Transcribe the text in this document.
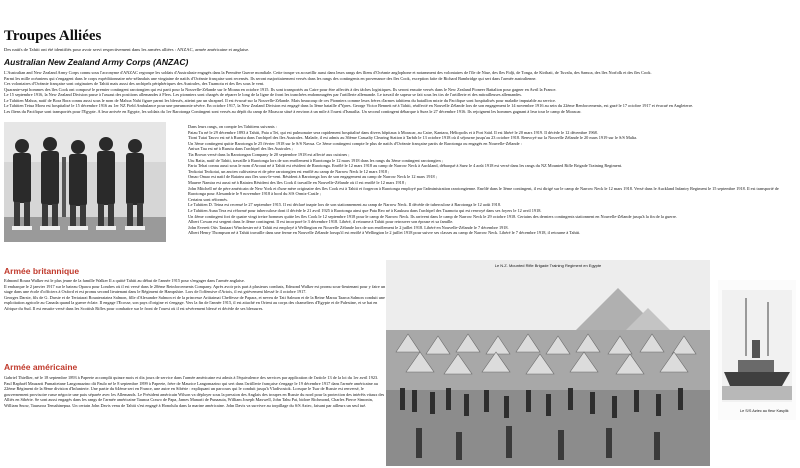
Troupes Alliées
Des natifs de Tahiti ont été identifiés pour avoir servi respectivement dans les armées alliées : ANZAC, armée américaine et anglaise.
Australian New Zealand Army Corps (ANZAC)

L'Australian and New Zealand Army Corps connu sous l'acronyme d'ANZAC regroupe les soldats d'Australasie engagés dans la Première Guerre mondiale. Cette troupe va accueillir aussi dans leurs rangs des îliens d'Océanie anglophone et notamment des volontaires de l'île de Niue, des îles Fidji, de Tonga, de Kiribati, de Tuvalu, des Samoa, des îles Norfolk et des îles Cook.

Parmi les mille océaniens qui s'engagent dans le corps expéditionnaire néo-zélandais une vingtaine de natifs d'Océanie française sont recensés. Ils seront majoritairement versés dans les rangs des contingents en provenance des îles Cook, exception faite de Richard Bambridge qui sert dans l'armée australienne.

Ces volontaires d'Océanie française sont originaires de Tahiti mais aussi des archipels périphériques des Australes, des Tuamotu et des îles sous le vent.

Quarante-sept hommes des îles Cook ont composé le premier contingent rarotongien qui est parti pour la Nouvelle-Zélande sur le Moana en octobre 1915. Ils sont transportés au Caire pour être affectés à des tâches logistiques. Ils seront ensuite versés dans le New Zealand Pioneer Battalion pour gagner en Avril la France.

Le 15 septembre 1916, la New Zealand Division passe à l'assaut des positions allemandes à Flers. Les pionniers sont chargés de réparer le long de la ligne de front les tranchées endommagées par l'artillerie allemande. Le travail de sapeur se fait sous les tirs de l'artillerie et des mitrailleuses allemandes.

Le Tahitien Mahoa, natif de Bora Bora connu aussi sous le nom de Mahoa Nahi figure parmi les blessés, atteint par un shrapnel. Il est évacué sur la Nouvelle-Zélande. Mais beaucoup de ces Pionniers comme leurs frères d'armes tahitiens du bataillon mixte du Pacifique sont hospitalisés pour maladie imputable au service.

Le Tahitien Tetua Moea est hospitalisé le 15 décembre 1916 au 1er NZ Field Ambulance pour une pneumonie sévère. En octobre 1917, la New Zealand Division est engagé dans la 3ème bataille d'Ypres. George Victor Bennett né à Tahiti, réaffecté en Nouvelle Zélande lors de son engagement le 14 novembre 1916 au sein du 22ème Renforcements, est gazé le 17 octobre 1917 et évacué en Angleterre.

Les îliens du Pacifique sont transportés pour l'Egypte. A leur arrivée en Egypte, les soldats du 1er Rarotonga Contingent sont versés au dépôt du camp de Moascar situé à environ à un mile à l'ouest d'Ismailia. Un second contingent débarque à Suez le 27 décembre 1916. Ils rejoignent les hommes gagnant à leur tour le camp de Moascar.

Dans leurs rangs, on compte les Tahitiens suivants :

Paiau Tu né le 29 décembre 1893 à Tahiti, Paia a Teï, qui est pulmonaire sera rapidement hospitalisé dans divers hôpitaux à Moascar, au Caire, Kantara, Héliopolis et à Port Saïd. Il est libéré le 20 mars 1919. Il décède le 12 décembre 1968.

Tioni Tutai Tauvo est né à Rurutu dans l'archipel des îles Australes. Malade, il est admis au 36ème Casualty Clearing Station à Tarbib le 13 octobre 1918 où il séjourne jusqu'au 23 octobre 1918. Renvoyé sur la Nouvelle Zélande le 20 mars 1919 sur le S/S Malta.

Un 3ème contingent quitte Rarotonga le 25 février 1918 sur le S/S Navua. Ce 3ème contingent compte le plus de natifs d'Océanie française partis de Rarotonga ou engagés en Nouvelle-Zélande :

Aniwa Tau est né à Rurutu dans l'archipel des îles Australes ;

Tia Brown versé dans la Rarotongan Company le 20 septembre 1918 est affecté aux cuisines ;

Utu Ratia, natif de Tahiti, travaille à Rarotonga lors de son enrôlement à Rarotonga le 12 mars 1918 dans les rangs du 3ème contingent rarotongien ;

Faria Tehai connu aussi sous le nom d'Aroaui né à Tahiti est résident de Rarotonga. Enrôlé le 12 mars 1918 au camp de Narrow Neck à Auckland, débarqué à Suez le 4 août 1918 est versé dans les rangs du NZ Mounted Rifle Brigade Training Regiment.

Teokotai Teokotai, un ancien cultivateur et de père rarotongien est enrôlé au camp de Narrow Neck le 12 mars 1918 ;

Omao Omao est natif de Raiatea aux îles sous-le-vent. Résident à Rarotonga lors de son engagement au camp de Narrow Neck le 12 mars 1918 ;

Mauere Namira est aussi né à Raiatea Résident des îles Cook il travaille en Nouvelle-Zélande où il est enrôlé le 12 mars 1918 ;

John Mitchell né de père américain de New York et d'une mère originaire des îles Cook est à Tahiti et forgeron à Rarotonga employé par l'administration rarotongienne. Enrôlé dans le 3ème contingent, il est dirigé sur le camp de Narrow Neck le 12 mars 1918. Versé dans le Auckland Infantry Regiment le 15 septembre 1918. Il est transporté de Rarotonga pour Alexandrie le 9 novembre 1918 à bord du S/S Ormiz-Castle ;

Certains sont réformés.

Le Tahitien D. Teina est recensé le 27 septembre 1915. Il est déclaré inapte lors de son stationnement au camp de Narrow Neck. Il décède de tuberculose à Rarotonga le 12 août 1918.

Le Tahitien Auna Tera est réformé pour tuberculose dont il décède le 21 avril 1925 à Rarotonga ainsi que Pata Reo né à Kaukura dans l'archipel des Tuamotu qui est renvoyé dans ses foyers le 12 avril 1918.

Un 4ème contingent fort de quatre vingt treize hommes quitte les îles Cook le 12 septembre 1918 pour le camp de Narrow Neck. Ils arrivent dans le camp de Narrow Neck le 29 octobre 1918. Certains des derniers contingents stationnent en Nouvelle-Zélande jusqu'à la fin de la guerre.

Albert Cowan est sergent dans le 4ème contingent. Il est incorporé le 3 décembre 1918. Libéré, il retourne à Tahiti pour retrouver son épouse et sa famille.

John Everett Otis Tautaari Winchester né à Tahiti est employé à Wellington en Nouvelle Zélande lors de son enrôlement le 2 juillet 1918. Libéré en Nouvelle-Zélande le 7 décembre 1918.

Albert Henry Thompson né à Tahiti travaille dans une ferme en Nouvelle Zélande lorsqu'il est enrôlé à Wellington le 2 juillet 1918 pour suivre ses classes au camp de Narrow Neck. Libéré le 7 décembre 1918, il retourne à Tahiti.

Armée britannique

Edmond Roura Walker est le plus jeune de la famille Walker Il a quitté Tahiti au début de l'année 1915 pour s'engager dans l'armée anglaise.

Il embarque le 2 janvier 1917 sur le bateau Opawa pour Londres où il est versé dans le 20ème Reinforcements Company. Après avoir pris part à plusieurs combats, Edmond Walker est promu sous-lieutenant pour y faire un stage dans une école d'officiers à Oxford et est promu second lieutenant dans le Régiment de Hampshire. Lors de l'offensive d'Artois, il est grièvement blessé le 4 octobre 1917.

Georges Darsie, fils de G. Darsie et de Teriaiarai Rouateraiatea Salmon, fille d'Alexandre Salmon et de la princesse Ariitaimai Cheffesse de Papara, et neveu de Tati Salmon et de la Reine Marau Taaroa Salmon conduit une exploitation agricole au Canada quand la guerre éclate. Il engage l'Ecosse, son pays d'origine et s'engage. Vers la fin de l'année 1915, il est attaché en Orient au corps des chameliers d'Egypte et de Palestine, et se bat en Afrique du Sud. Il est ensuite versé dans les Scottish Rifles pour combattre sur le front de l'ouest où il est sévèrement blessé et décède de ses blessures.

Armée américaine

Gabriel Thiellier, né le 18 septembre 1893 à Papeete accomplit quinze mois et dix jours de service dans l'armée américaine est admis à l'équivalence des services par application de l'article 13 de la loi du 1er avril 1923.

Paul Raphaël Mauzarti Pumaitetane Langomazino dit Paulo né le 8 septembre 1899 à Papeete, frère de Maurice Langomazino qui sert dans l'artillerie française s'engage le 19 décembre 1917 dans l'armée américaine au 22ème Régiment de la 8ème division d'Infanterie. Une partie du 64ème sert en France, une autre en Sibérie : expliquant un parcours qui le conduit jusqu'à Vladivostok. Lorsque le Tsar de Russie est renversé, le gouvernement provisoire russe négocie une paix séparée avec les Allemands. Le Président américain Wilson va déployer sous la pression des Anglais des troupes en Russie du nord pour la protection des intérêts vitaux des Alliés en Sibérie. Se sont aussi engagés dans les rangs de l'armée américaine Taunoa Crawo de Papa, James Manarii de Punaauia, William Joseph Maxwell, John Tahu Pai, bidore Richmond, Charles Pierce Simonin, William Snow, Taururoa Temahinepua. Un certain John Davis venu de Tahiti s'est engagé à Honolulu dans la marine américaine. John Davis va survivre au torpillage du S/S Aztec, faisant par ailleurs un seul tué.

Le N.Z. Mounted Rifle Brigade Training Regiment en Egypte
Le S/S Aztec au fleur Kasylik
